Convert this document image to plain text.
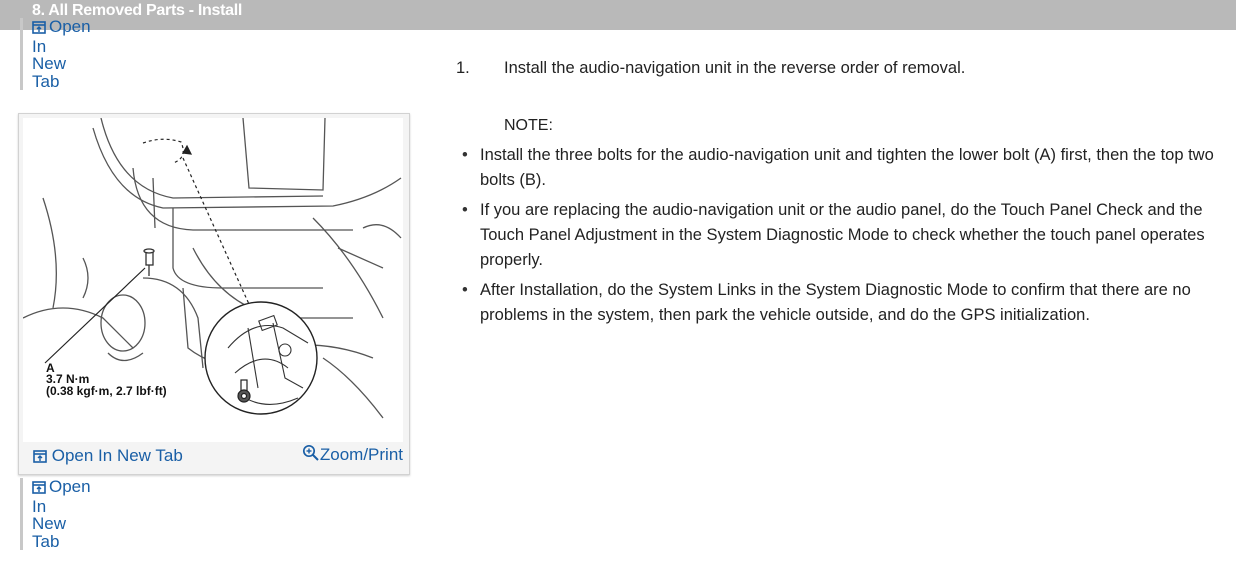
8. All Removed Parts - Install
Open
In
New
Tab
A
3.7 N·m
(0.38 kgf·m, 2.7 lbf·ft)
Open In New Tab	Zoom/Print
Open
In
New
Tab
1. Install the audio-navigation unit in the reverse order of removal.
NOTE:
• Install the three bolts for the audio-navigation unit and tighten the lower bolt (A) first, then the top two bolts (B).
• If you are replacing the audio-navigation unit or the audio panel, do the Touch Panel Check and the Touch Panel Adjustment in the System Diagnostic Mode to check whether the touch panel operates properly.
• After Installation, do the System Links in the System Diagnostic Mode to confirm that there are no problems in the system, then park the vehicle outside, and do the GPS initialization.
